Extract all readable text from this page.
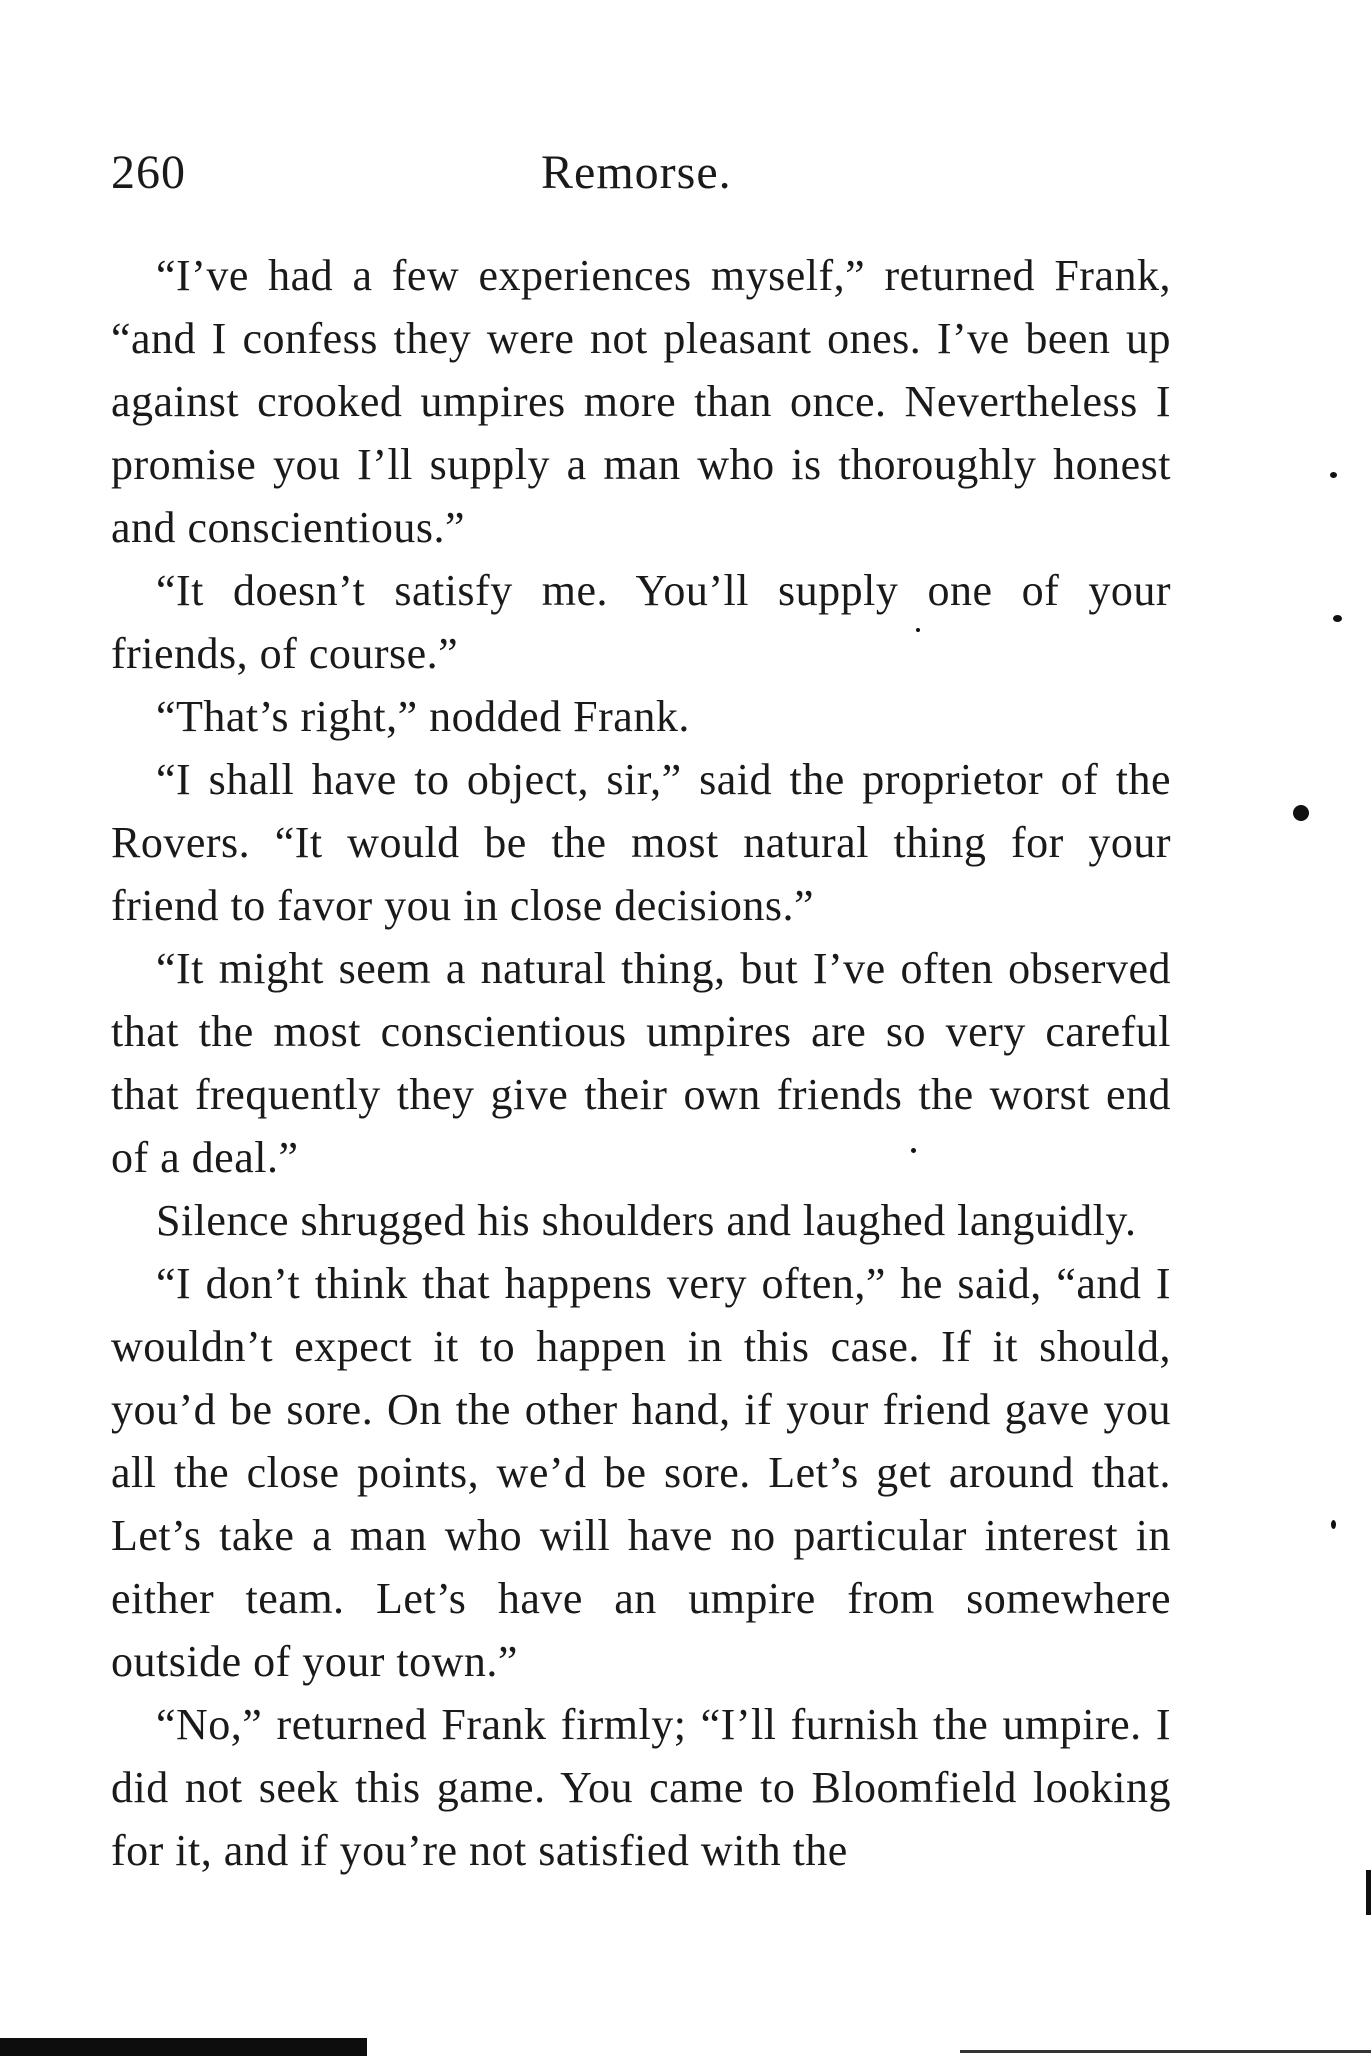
260	Remorse.

“I’ve had a few experiences myself,” returned Frank, “and I confess they were not pleasant ones. I’ve been up against crooked umpires more than once. Nevertheless I promise you I’ll supply a man who is thoroughly honest and conscientious.”

“It doesn’t satisfy me. You’ll supply one of your friends, of course.”

“That’s right,” nodded Frank.

“I shall have to object, sir,” said the proprietor of the Rovers. “It would be the most natural thing for your friend to favor you in close decisions.”

“It might seem a natural thing, but I’ve often observed that the most conscientious umpires are so very careful that frequently they give their own friends the worst end of a deal.”

Silence shrugged his shoulders and laughed languidly.

“I don’t think that happens very often,” he said, “and I wouldn’t expect it to happen in this case. If it should, you’d be sore. On the other hand, if your friend gave you all the close points, we’d be sore. Let’s get around that. Let’s take a man who will have no particular interest in either team. Let’s have an umpire from somewhere outside of your town.”

“No,” returned Frank firmly; “I’ll furnish the umpire. I did not seek this game. You came to Bloomfield looking for it, and if you’re not satisfied with the
